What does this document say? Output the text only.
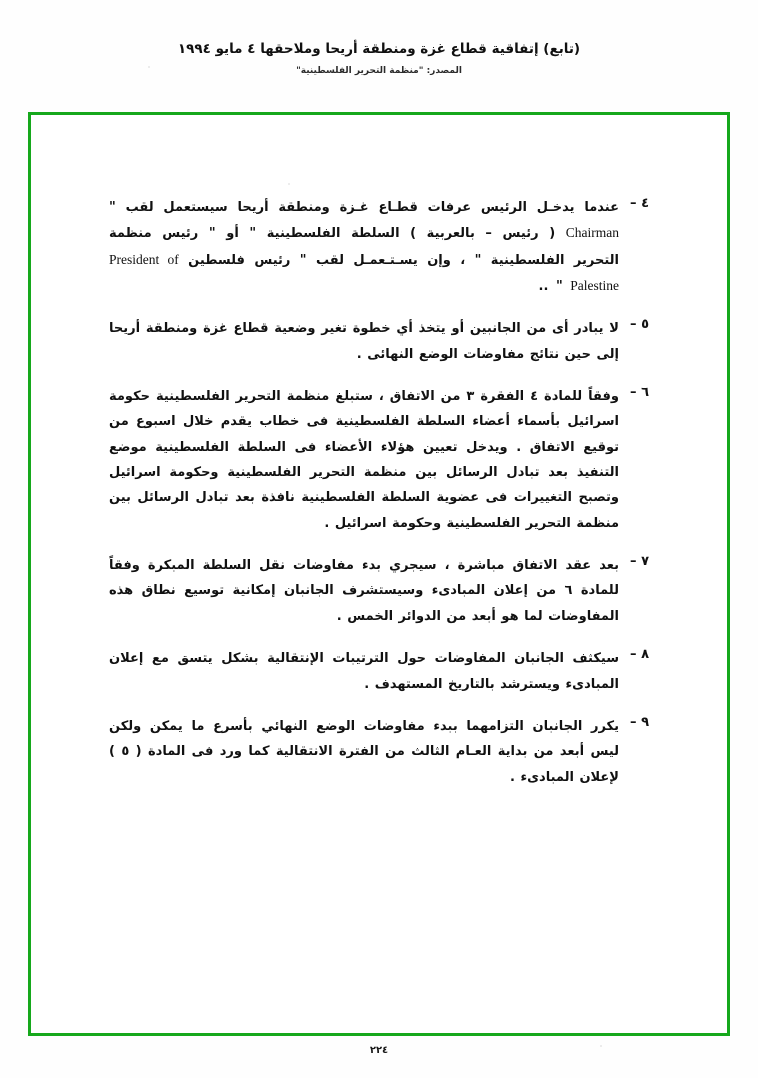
(تابع) إتفاقية قطاع غزة ومنطقة أريحا وملاحقها ٤ مايو ١٩٩٤
المصدر: "منظمة التحرير الفلسطينية"
٤ –
عندما يدخـل الرئيس عرفات قطـاع غـزة ومنطقة أريحا سيستعمل لقب " Chairman ( رئيس – بالعربية ) السلطة الفلسطينية " أو " رئيس منظمة التحرير الفلسطينية " ، وإن يسـتـعمـل لقب " رئيس فلسطين President of Palestine " ..
٥ –
لا يبادر أى من الجانبين أو يتخذ أي خطوة تغير وضعية قطاع غزة ومنطقة أريحا إلى حين نتائج مفاوضات الوضع النهائى .
٦ –
وفقاً للمادة ٤ الفقرة ٣ من الاتفاق ، ستبلغ منظمة التحرير الفلسطينية حكومة اسرائيل بأسماء أعضاء السلطة الفلسطينية فى خطاب يقدم خلال اسبوع من توقيع الاتفاق . ويدخل تعيين هؤلاء الأعضاء فى السلطة الفلسطينية موضع التنفيذ بعد تبادل الرسائل بين منظمة التحرير الفلسطينية وحكومة اسرائيل وتصبح التغييرات فى عضوية السلطة الفلسطينية نافذة بعد تبادل الرسائل بين منظمة التحرير الفلسطينية وحكومة اسرائيل .
٧ –
بعد عقد الاتفاق مباشرة ، سيجري بدء مفاوضات نقل السلطة المبكرة وفقاً للمادة ٦ من إعلان المبادىء وسيستشرف الجانبان إمكانية توسيع نطاق هذه المفاوضات لما هو أبعد من الدوائر الخمس .
٨ –
سيكثف الجانبان المفاوضات حول الترتيبات الإنتقالية بشكل يتسق مع إعلان المبادىء ويسترشد بالتاريخ المستهدف .
٩ –
يكرر الجانبان التزامهما ببدء مفاوضات الوضع النهائي بأسرع ما يمكن ولكن ليس أبعد من بداية العـام الثالث من الفترة الانتقالية كما ورد فى المادة ( ٥ ) لإعلان المبادىء .
٢٢٤
